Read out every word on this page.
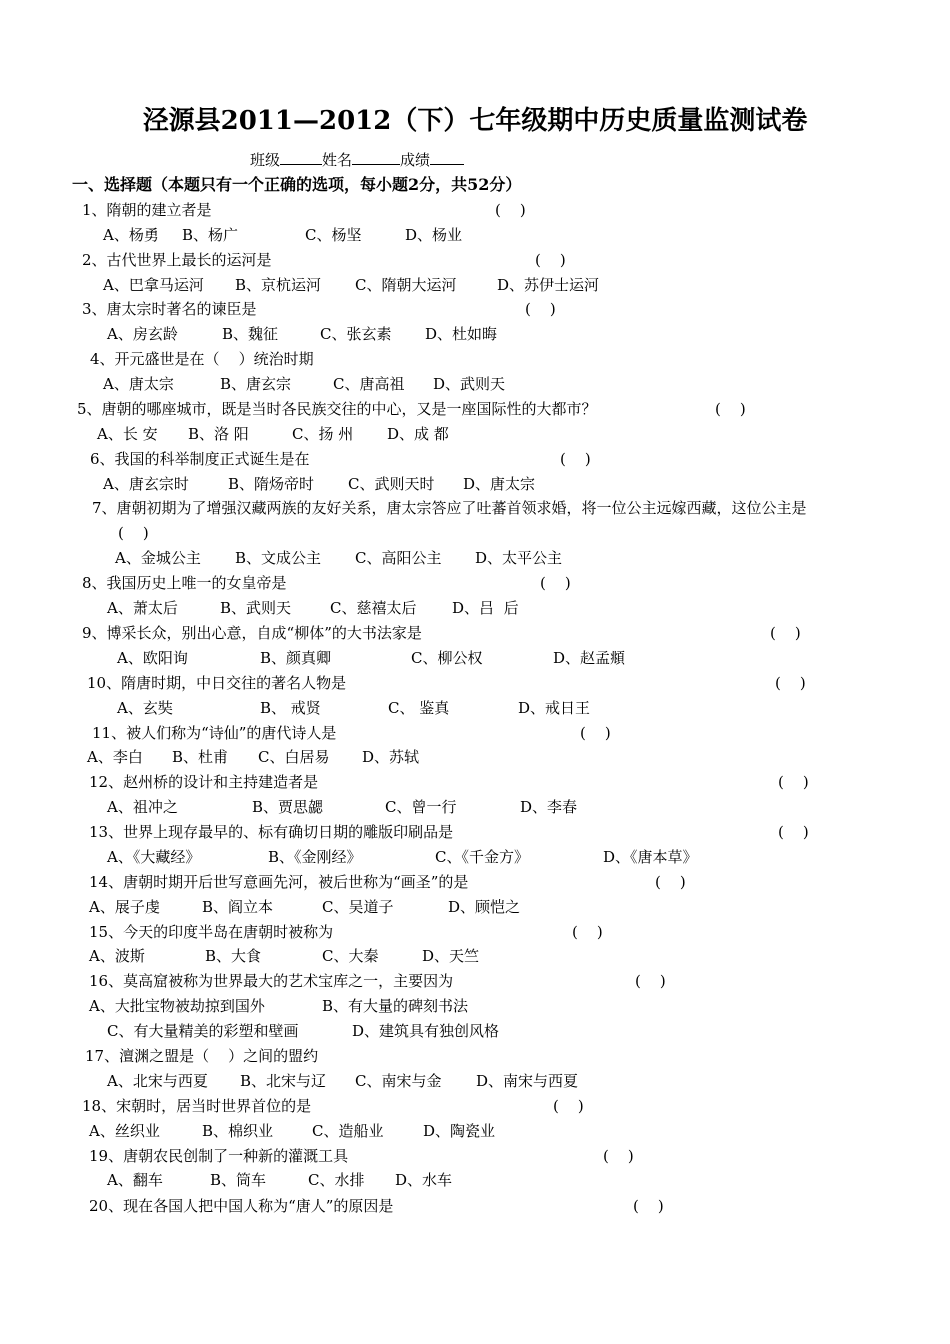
泾源县2011—2012（下）七年级期中历史质量监测试卷
班级	姓名	成绩
一、选择题（本题只有一个正确的选项，每小题2分，共52分）
1、隋朝的建立者是	(    )
A、杨勇 B、杨广	C、杨坚	D、杨业
2、古代世界上最长的运河是	(    )
A、巴拿马运河 B、京杭运河 C、隋朝大运河	D、苏伊士运河
3、唐太宗时著名的谏臣是	(    )
A、房玄龄	B、魏征	C、张玄素 D、杜如晦
4、开元盛世是在（    ）统治时期
A、唐太宗	B、唐玄宗	C、唐高祖 D、武则天
5、唐朝的哪座城市，既是当时各民族交往的中心，又是一座国际性的大都市？	(    )
A、长 安 B、洛 阳	C、扬 州 D、成 都
6、我国的科举制度正式诞生是在	(    )
A、唐玄宗时	B、隋炀帝时 C、武则天时 D、唐太宗
7、唐朝初期为了增强汉藏两族的友好关系，唐太宗答应了吐蕃首领求婚，将一位公主远嫁西藏，这位公主是
(    )
A、金城公主 B、文成公主 C、高阳公主 D、太平公主
8、我国历史上唯一的女皇帝是	(    )
A、萧太后	B、武则天	C、慈禧太后 D、吕  后
9、博采长众，别出心意，自成“柳体”的大书法家是	(    )
A、欧阳询	B、颜真卿	C、柳公权	D、赵孟頫
10、隋唐时期，中日交往的著名人物是	(    )
A、玄奘	B、 戒贤	C、 鉴真	D、戒日王
11、被人们称为“诗仙”的唐代诗人是	(    )
A、李白 B、杜甫 C、白居易 D、苏轼
12、赵州桥的设计和主持建造者是	(    )
A、祖冲之	B、贾思勰	C、曾一行	D、李春
13、世界上现存最早的、标有确切日期的雕版印刷品是	(    )
A、《大藏经》	B、《金刚经》	C、《千金方》	D、《唐本草》
14、唐朝时期开后世写意画先河，被后世称为“画圣”的是	(    )
A、展子虔	B、阎立本	C、吴道子	D、顾恺之
15、今天的印度半岛在唐朝时被称为	(    )
A、波斯	B、大食	C、大秦	D、天竺
16、莫高窟被称为世界最大的艺术宝库之一，主要因为	(    )
A、大批宝物被劫掠到国外	B、有大量的碑刻书法
C、有大量精美的彩塑和壁画	D、建筑具有独创风格
17、澶渊之盟是（    ）之间的盟约
A、北宋与西夏 B、北宋与辽 C、南宋与金 D、南宋与西夏
18、宋朝时，居当时世界首位的是	(    )
A、丝织业	B、棉织业	C、造船业	D、陶瓷业
19、唐朝农民创制了一种新的灌溉工具	(    )
A、翻车	B、筒车	C、水排 D、水车
20、现在各国人把中国人称为“唐人”的原因是	(    )
